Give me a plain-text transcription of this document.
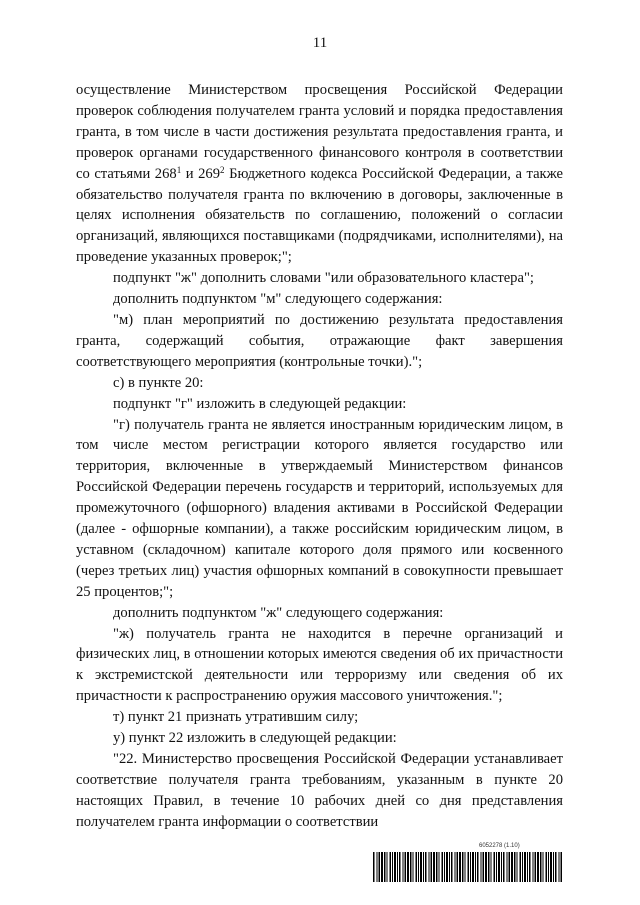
11

осуществление Министерством просвещения Российской Федерации проверок соблюдения получателем гранта условий и порядка предоставления гранта, в том числе в части достижения результата предоставления гранта, и проверок органами государственного финансового контроля в соответствии со статьями $268^1$ и $269^2$ Бюджетного кодекса Российской Федерации, а также обязательство получателя гранта по включению в договоры, заключенные в целях исполнения обязательств по соглашению, положений о согласии организаций, являющихся поставщиками (подрядчиками, исполнителями), на проведение указанных проверок;";

подпункт "ж" дополнить словами "или образовательного кластера";

дополнить подпунктом "м" следующего содержания:

"м) план мероприятий по достижению результата предоставления гранта, содержащий события, отражающие факт завершения соответствующего мероприятия (контрольные точки).";

с) в пункте 20:

подпункт "г" изложить в следующей редакции:

"г) получатель гранта не является иностранным юридическим лицом, в том числе местом регистрации которого является государство или территория, включенные в утверждаемый Министерством финансов Российской Федерации перечень государств и территорий, используемых для промежуточного (офшорного) владения активами в Российской Федерации (далее - офшорные компании), а также российским юридическим лицом, в уставном (складочном) капитале которого доля прямого или косвенного (через третьих лиц) участия офшорных компаний в совокупности превышает 25 процентов;";

дополнить подпунктом "ж" следующего содержания:

"ж) получатель гранта не находится в перечне организаций и физических лиц, в отношении которых имеются сведения об их причастности к экстремистской деятельности или терроризму или сведения об их причастности к распространению оружия массового уничтожения.";

т) пункт 21 признать утратившим силу;

у) пункт 22 изложить в следующей редакции:

"22. Министерство просвещения Российской Федерации устанавливает соответствие получателя гранта требованиям, указанным в пункте 20 настоящих Правил, в течение 10 рабочих дней со дня представления получателем гранта информации о соответствии

6052278 (1.10)
